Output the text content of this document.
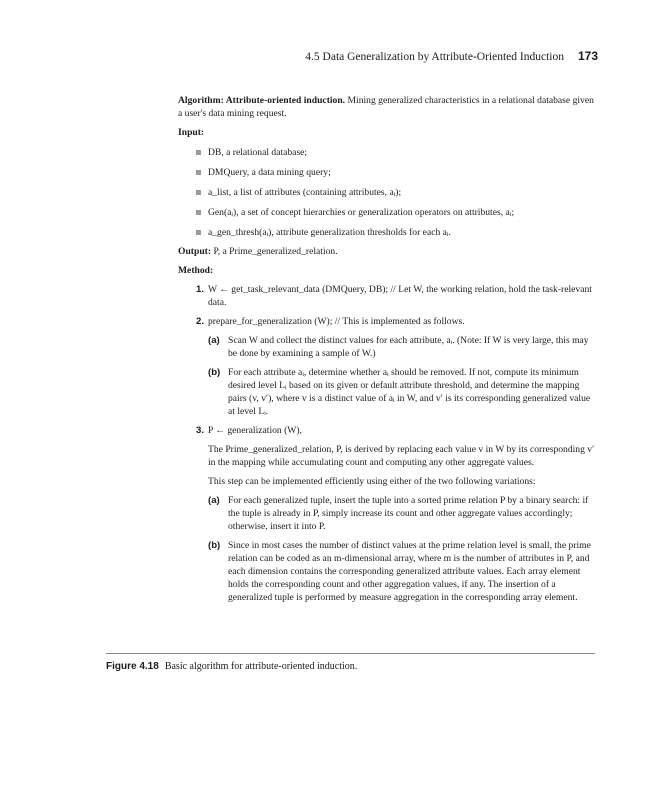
4.5 Data Generalization by Attribute-Oriented Induction 173

Algorithm: Attribute-oriented induction. Mining generalized characteristics in a relational database given a user's data mining request.

Input:

DB, a relational database;
DMQuery, a data mining query;
a_list, a list of attributes (containing attributes, aᵢ);
Gen(aᵢ), a set of concept hierarchies or generalization operators on attributes, aᵢ;
a_gen_thresh(aᵢ), attribute generalization thresholds for each aᵢ.

Output: P, a Prime_generalized_relation.

Method:

1. W ← get_task_relevant_data (DMQuery, DB); // Let W, the working relation, hold the task-relevant data.

2. prepare_for_generalization (W); // This is implemented as follows.

(a) Scan W and collect the distinct values for each attribute, aᵢ. (Note: If W is very large, this may be done by examining a sample of W.)

(b) For each attribute aᵢ, determine whether aᵢ should be removed. If not, compute its minimum desired level Lᵢ based on its given or default attribute threshold, and determine the mapping pairs (v, v′), where v is a distinct value of aᵢ in W, and v′ is its corresponding generalized value at level Lᵢ.

3. P ← generalization (W),

The Prime_generalized_relation, P, is derived by replacing each value v in W by its corresponding v′ in the mapping while accumulating count and computing any other aggregate values.

This step can be implemented efficiently using either of the two following variations:

(a) For each generalized tuple, insert the tuple into a sorted prime relation P by a binary search: if the tuple is already in P, simply increase its count and other aggregate values accordingly; otherwise, insert it into P.

(b) Since in most cases the number of distinct values at the prime relation level is small, the prime relation can be coded as an m-dimensional array, where m is the number of attributes in P, and each dimension contains the corresponding generalized attribute values. Each array element holds the corresponding count and other aggregation values, if any. The insertion of a generalized tuple is performed by measure aggregation in the corresponding array element.

Figure 4.18 Basic algorithm for attribute-oriented induction.
